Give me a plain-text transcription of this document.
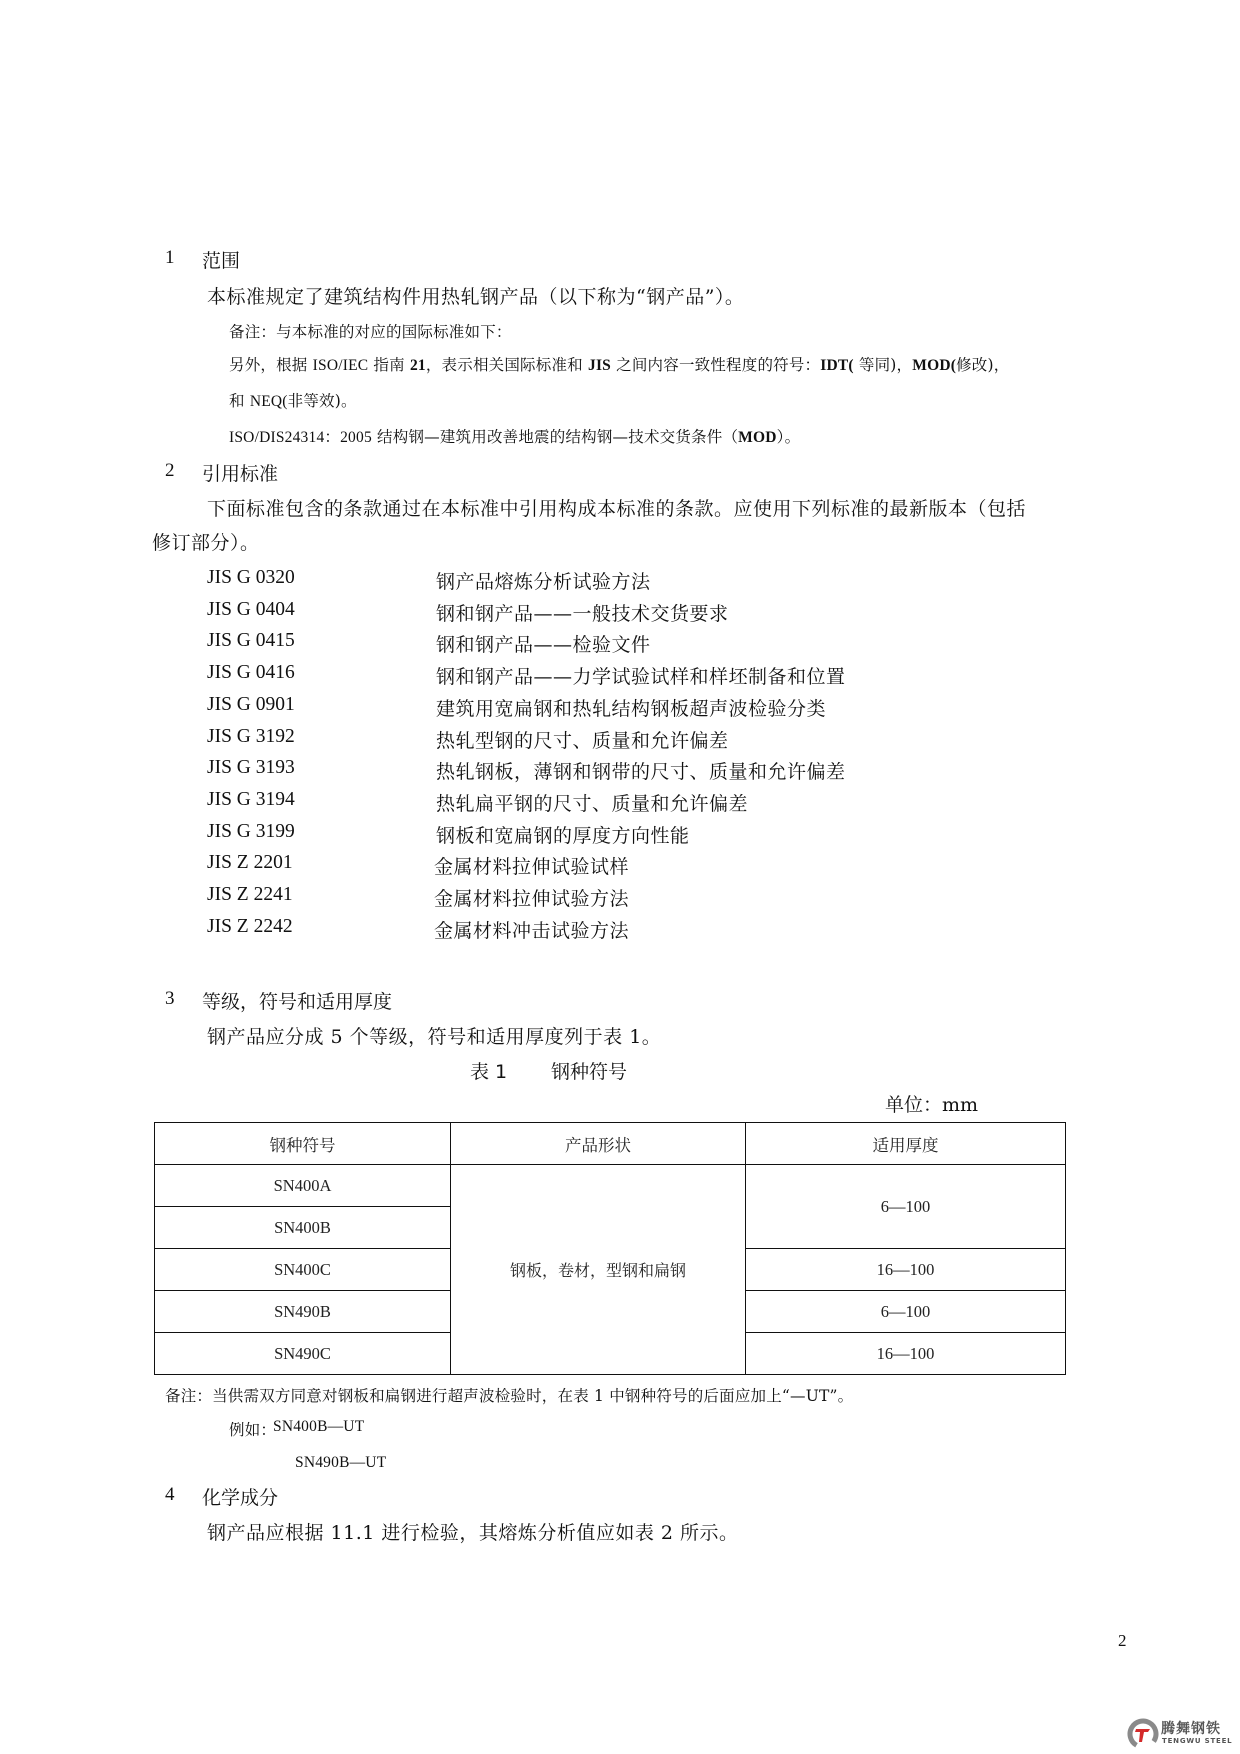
1 范围
本标准规定了建筑结构件用热轧钢产品（以下称为“钢产品”）。
备注：与本标准的对应的国际标准如下：
另外，根据 ISO/IEC 指南 21，表示相关国际标准和 JIS 之间内容一致性程度的符号：IDT( 等同)，MOD(修改)，
和 NEQ(非等效)。
ISO/DIS24314：2005 结构钢—建筑用改善地震的结构钢—技术交货条件（MOD）。
2 引用标准
下面标准包含的条款通过在本标准中引用构成本标准的条款。应使用下列标准的最新版本（包括
修订部分）。
JIS G 0320	钢产品熔炼分析试验方法
JIS G 0404	钢和钢产品——一般技术交货要求
JIS G 0415	钢和钢产品——检验文件
JIS G 0416	钢和钢产品——力学试验试样和样坯制备和位置
JIS G 0901	建筑用宽扁钢和热轧结构钢板超声波检验分类
JIS G 3192	热轧型钢的尺寸、质量和允许偏差
JIS G 3193	热轧钢板，薄钢和钢带的尺寸、质量和允许偏差
JIS G 3194	热轧扁平钢的尺寸、质量和允许偏差
JIS G 3199	钢板和宽扁钢的厚度方向性能
JIS Z 2201	金属材料拉伸试验试样
JIS Z 2241	金属材料拉伸试验方法
JIS Z 2242	金属材料冲击试验方法
3 等级，符号和适用厚度
钢产品应分成 5 个等级，符号和适用厚度列于表 1。
表 1 钢种符号
单位：mm
钢种符号	产品形状	适用厚度
SN400A	钢板，卷材，型钢和扁钢	6—100
SN400B		
SN400C		16—100
SN490B		6—100
SN490C		16—100
备注：当供需双方同意对钢板和扁钢进行超声波检验时，在表 1 中钢种符号的后面应加上“—UT”。
例如：
SN400B—UT
SN490B—UT
4 化学成分
钢产品应根据 11.1 进行检验，其熔炼分析值应如表 2 所示。
2
腾舞钢铁
TENGWU STEEL
